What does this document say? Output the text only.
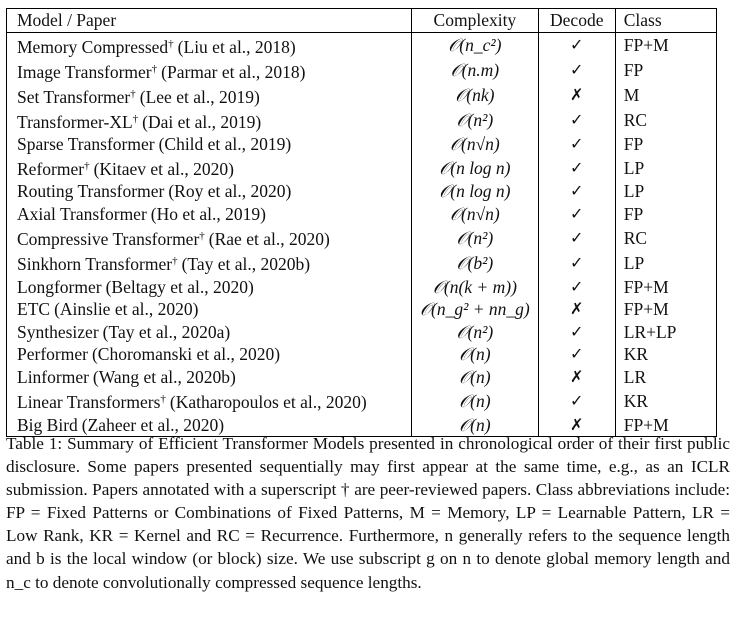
Model / Paper	Complexity	Decode	Class
Memory Compressed† (Liu et al., 2018)	𝒪(n_c²)	✓	FP+M
Image Transformer† (Parmar et al., 2018)	𝒪(n.m)	✓	FP
Set Transformer† (Lee et al., 2019)	𝒪(nk)	✗	M
Transformer-XL† (Dai et al., 2019)	𝒪(n²)	✓	RC
Sparse Transformer (Child et al., 2019)	𝒪(n√n)	✓	FP
Reformer† (Kitaev et al., 2020)	𝒪(n log n)	✓	LP
Routing Transformer (Roy et al., 2020)	𝒪(n log n)	✓	LP
Axial Transformer (Ho et al., 2019)	𝒪(n√n)	✓	FP
Compressive Transformer† (Rae et al., 2020)	𝒪(n²)	✓	RC
Sinkhorn Transformer† (Tay et al., 2020b)	𝒪(b²)	✓	LP
Longformer (Beltagy et al., 2020)	𝒪(n(k + m))	✓	FP+M
ETC (Ainslie et al., 2020)	𝒪(n_g² + nn_g)	✗	FP+M
Synthesizer (Tay et al., 2020a)	𝒪(n²)	✓	LR+LP
Performer (Choromanski et al., 2020)	𝒪(n)	✓	KR
Linformer (Wang et al., 2020b)	𝒪(n)	✗	LR
Linear Transformers† (Katharopoulos et al., 2020)	𝒪(n)	✓	KR
Big Bird (Zaheer et al., 2020)	𝒪(n)	✗	FP+M

Table 1: Summary of Efficient Transformer Models presented in chronological order of their first public disclosure. Some papers presented sequentially may first appear at the same time, e.g., as an ICLR submission. Papers annotated with a superscript † are peer-reviewed papers. Class abbreviations include: FP = Fixed Patterns or Combinations of Fixed Patterns, M = Memory, LP = Learnable Pattern, LR = Low Rank, KR = Kernel and RC = Recurrence. Furthermore, n generally refers to the sequence length and b is the local window (or block) size. We use subscript g on n to denote global memory length and n_c to denote convolutionally compressed sequence lengths.
